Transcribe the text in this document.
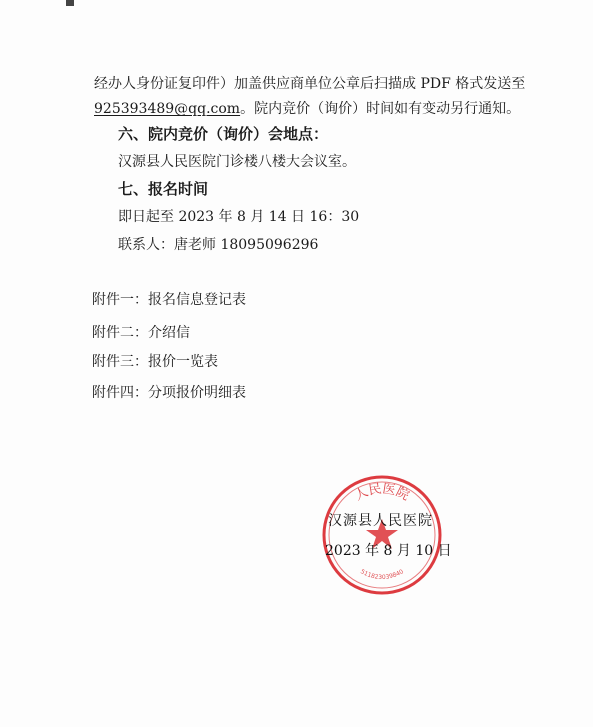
经办人身份证复印件）加盖供应商单位公章后扫描成 PDF 格式发送至
925393489@qq.com。院内竞价（询价）时间如有变动另行通知。
六、院内竞价（询价）会地点：
汉源县人民医院门诊楼八楼大会议室。
七、报名时间
即日起至 2023 年 8 月 14 日 16：30
联系人：唐老师 18095096296
附件一：报名信息登记表
附件二：介绍信
附件三：报价一览表
附件四：分项报价明细表
人民医院
511823039840
汉源县人民医院
2023 年 8 月 10 日
